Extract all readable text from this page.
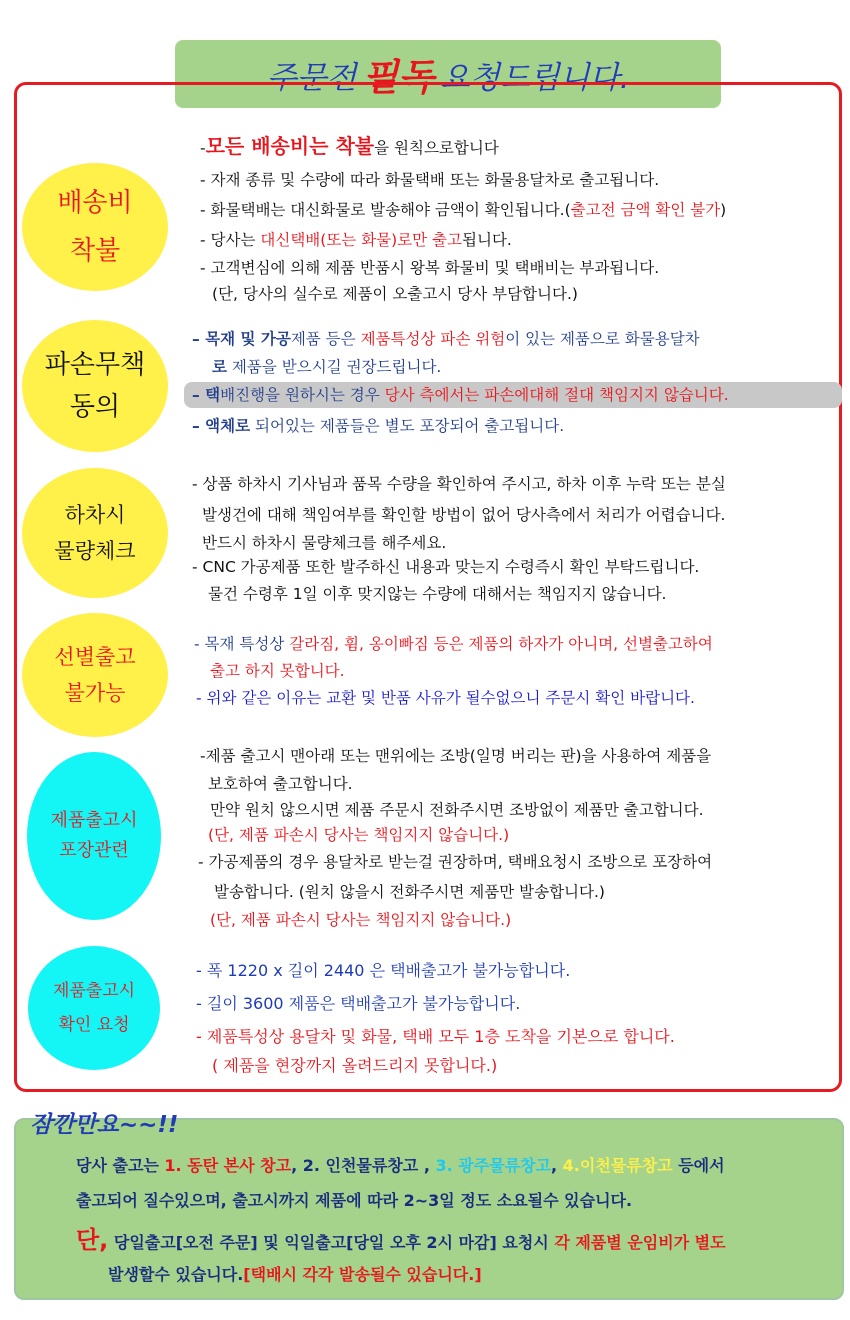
주문전 필독 요청드립니다.
배송비
착불
-모든 배송비는 착불을 원칙으로합니다
- 자재 종류 및 수량에 따라 화물택배 또는 화물용달차로 출고됩니다.
- 화물택배는 대신화물로 발송해야 금액이 확인됩니다.(출고전 금액 확인 불가)
- 당사는 대신택배(또는 화물)로만 출고됩니다.
- 고객변심에 의해 제품 반품시 왕복 화물비 및 택배비는 부과됩니다.
(단, 당사의 실수로 제품이 오출고시 당사 부담합니다.)
파손무책
동의
– 목재 및 가공제품 등은 제품특성상 파손 위험이 있는 제품으로 화물용달차
로 제품을 받으시길 권장드립니다.
– 택배진행을 원하시는 경우 당사 측에서는 파손에대해 절대 책임지지 않습니다.
– 액체로 되어있는 제품들은 별도 포장되어 출고됩니다.
하차시
물량체크
- 상품 하차시 기사님과 품목 수량을 확인하여 주시고, 하차 이후 누락 또는 분실
발생건에 대해 책임여부를 확인할 방법이 없어 당사측에서 처리가 어렵습니다.
반드시 하차시 물량체크를 해주세요.
- CNC 가공제품 또한 발주하신 내용과 맞는지 수령즉시 확인 부탁드립니다.
물건 수령후 1일 이후 맞지않는 수량에 대해서는 책임지지 않습니다.
선별출고
불가능
- 목재 특성상 갈라짐, 휨, 옹이빠짐 등은 제품의 하자가 아니며, 선별출고하여
출고 하지 못합니다.
- 위와 같은 이유는 교환 및 반품 사유가 될수없으니 주문시 확인 바랍니다.
제품출고시
포장관련
-제품 출고시 맨아래 또는 맨위에는 조방(일명 버리는 판)을 사용하여 제품을
보호하여 출고합니다.
만약 원치 않으시면 제품 주문시 전화주시면 조방없이 제품만 출고합니다.
(단, 제품 파손시 당사는 책임지지 않습니다.)
- 가공제품의 경우 용달차로 받는걸 권장하며, 택배요청시 조방으로 포장하여
발송합니다. (원치 않을시 전화주시면 제품만 발송합니다.)
(단, 제품 파손시 당사는 책임지지 않습니다.)
제품출고시
확인 요청
- 폭 1220 x 길이 2440 은 택배출고가 불가능합니다.
- 길이 3600 제품은 택배출고가 불가능합니다.
- 제품특성상 용달차 및 화물, 택배 모두 1층 도착을 기본으로 합니다.
( 제품을 현장까지 올려드리지 못합니다.)
잠깐만요~~!!
당사 출고는 1. 동탄 본사 창고, 2. 인천물류창고 , 3. 광주물류창고, 4.이천물류창고 등에서
출고되어 질수있으며, 출고시까지 제품에 따라 2~3일 정도 소요될수 있습니다.
단, 당일출고[오전 주문] 및 익일출고[당일 오후 2시 마감] 요청시 각 제품별 운임비가 별도
발생할수 있습니다.[택배시 각각 발송될수 있습니다.]
